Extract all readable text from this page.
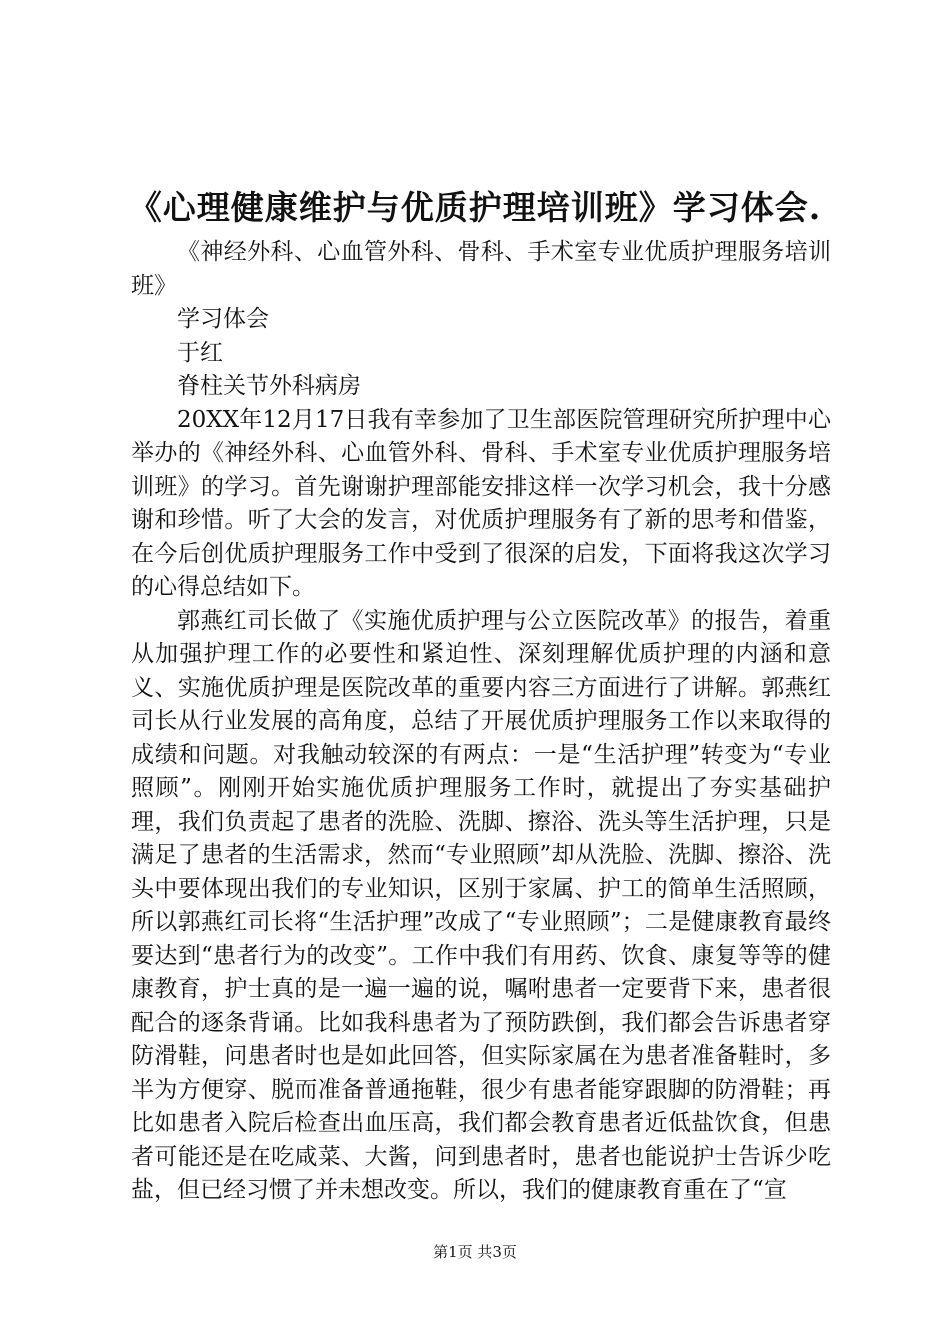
《心理健康维护与优质护理培训班》学习体会.

《神经外科、心血管外科、骨科、手术室专业优质护理服务培训班》

学习体会

于红

脊柱关节外科病房

20XX年12月17日我有幸参加了卫生部医院管理研究所护理中心举办的《神经外科、心血管外科、骨科、手术室专业优质护理服务培训班》的学习。首先谢谢护理部能安排这样一次学习机会，我十分感谢和珍惜。听了大会的发言，对优质护理服务有了新的思考和借鉴，在今后创优质护理服务工作中受到了很深的启发，下面将我这次学习的心得总结如下。

郭燕红司长做了《实施优质护理与公立医院改革》的报告，着重从加强护理工作的必要性和紧迫性、深刻理解优质护理的内涵和意义、实施优质护理是医院改革的重要内容三方面进行了讲解。郭燕红司长从行业发展的高角度，总结了开展优质护理服务工作以来取得的成绩和问题。对我触动较深的有两点：一是“生活护理”转变为“专业照顾”。刚刚开始实施优质护理服务工作时，就提出了夯实基础护理，我们负责起了患者的洗脸、洗脚、擦浴、洗头等生活护理，只是满足了患者的生活需求，然而“专业照顾”却从洗脸、洗脚、擦浴、洗头中要体现出我们的专业知识，区别于家属、护工的简单生活照顾，所以郭燕红司长将“生活护理”改成了“专业照顾”；二是健康教育最终要达到“患者行为的改变”。工作中我们有用药、饮食、康复等等的健康教育，护士真的是一遍一遍的说，嘱咐患者一定要背下来，患者很配合的逐条背诵。比如我科患者为了预防跌倒，我们都会告诉患者穿防滑鞋，问患者时也是如此回答，但实际家属在为患者准备鞋时，多半为方便穿、脱而准备普通拖鞋，很少有患者能穿跟脚的防滑鞋；再比如患者入院后检查出血压高，我们都会教育患者近低盐饮食，但患者可能还是在吃咸菜、大酱，问到患者时，患者也能说护士告诉少吃盐，但已经习惯了并未想改变。所以，我们的健康教育重在了“宣

第1页 共3页
